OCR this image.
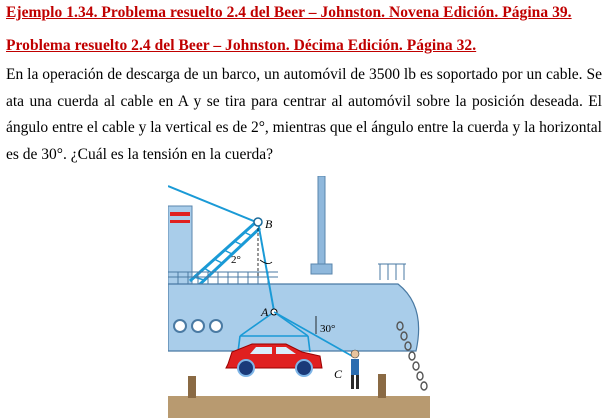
Ejemplo 1.34. Problema resuelto 2.4 del Beer – Johnston. Novena Edición. Página 39.

Problema resuelto 2.4 del Beer – Johnston. Décima Edición. Página 32.

En la operación de descarga de un barco, un automóvil de 3500 lb es soportado por un cable. Se ata una cuerda al cable en A y se tira para centrar al automóvil sobre la posición deseada. El ángulo entre el cable y la vertical es de 2°, mientras que el ángulo entre la cuerda y la horizontal es de 30°. ¿Cuál es la tensión en la cuerda?

B
2°
A
30°
C
